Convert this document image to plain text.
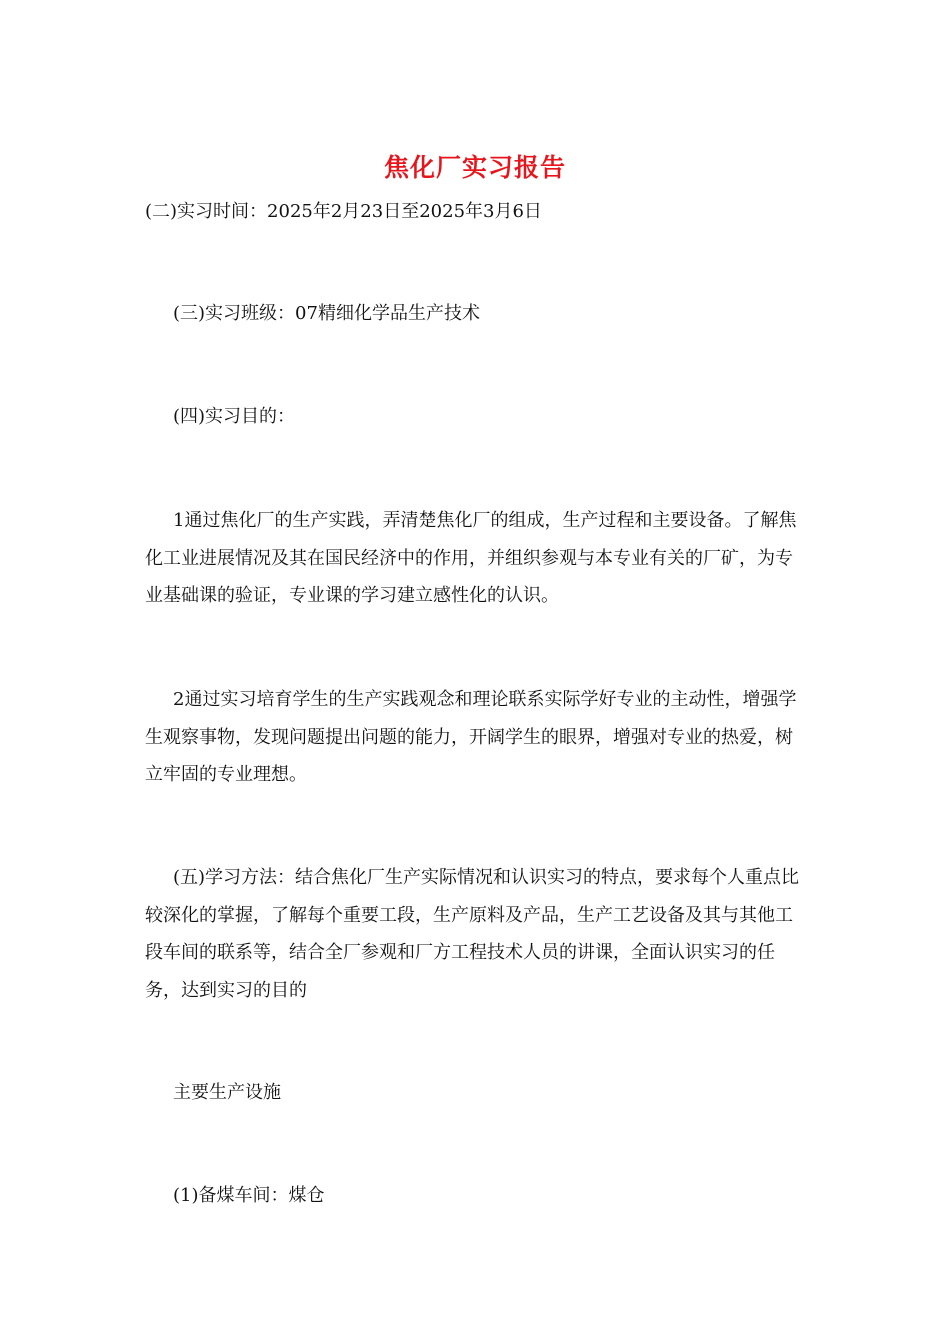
焦化厂实习报告

(二)实习时间：2025年2月23日至2025年3月6日

(三)实习班级：07精细化学品生产技术

(四)实习目的：

1通过焦化厂的生产实践，弄清楚焦化厂的组成，生产过程和主要设备。了解焦化工业进展情况及其在国民经济中的作用，并组织参观与本专业有关的厂矿，为专业基础课的验证，专业课的学习建立感性化的认识。

2通过实习培育学生的生产实践观念和理论联系实际学好专业的主动性，增强学生观察事物，发现问题提出问题的能力，开阔学生的眼界，增强对专业的热爱，树立牢固的专业理想。

(五)学习方法：结合焦化厂生产实际情况和认识实习的特点，要求每个人重点比较深化的掌握，了解每个重要工段，生产原料及产品，生产工艺设备及其与其他工段车间的联系等，结合全厂参观和厂方工程技术人员的讲课，全面认识实习的任务，达到实习的目的

主要生产设施

(1)备煤车间：煤仓
